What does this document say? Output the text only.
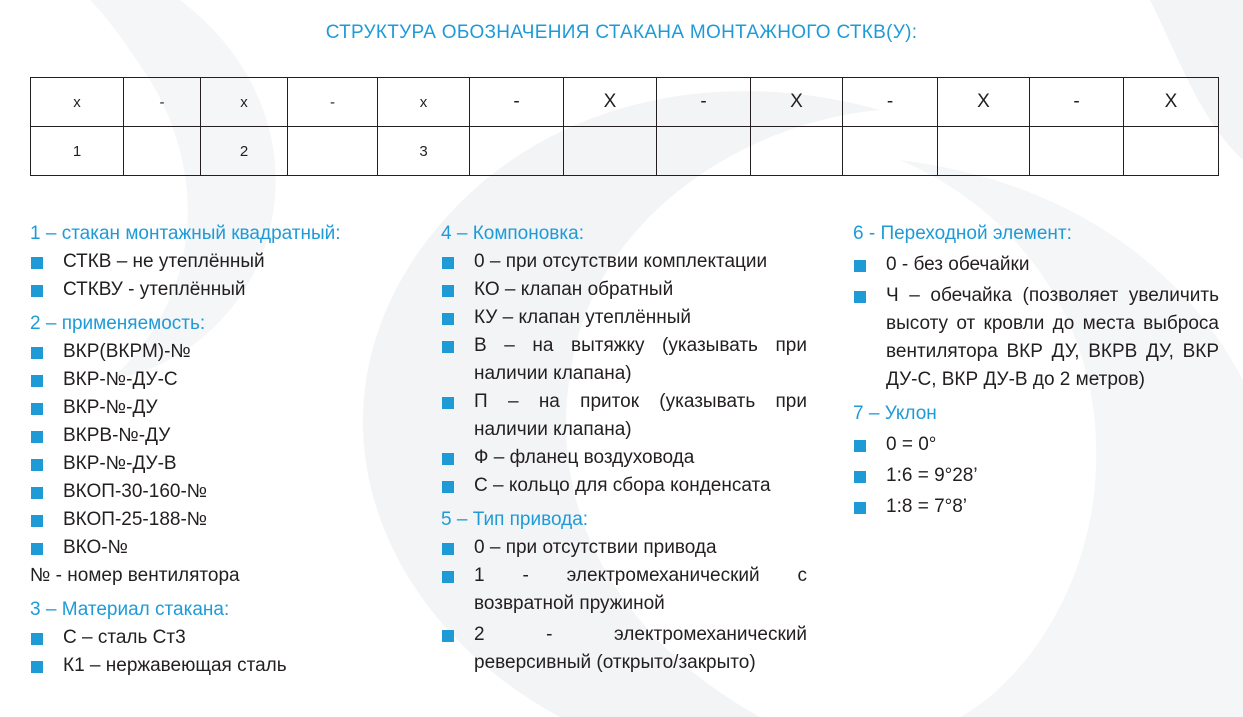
СТРУКТУРА ОБОЗНАЧЕНИЯ СТАКАНА МОНТАЖНОГО СТКВ(У):
x	-	x	-	x	-	X	-	X	-	X	-	X
1		2		3								
1 – стакан монтажный квадратный:
СТКВ – не утеплённый
СТКВУ - утеплённый
2 – применяемость:
ВКР(ВКРМ)-№
ВКР-№-ДУ-С
ВКР-№-ДУ
ВКРВ-№-ДУ
ВКР-№-ДУ-В
ВКОП-30-160-№
ВКОП-25-188-№
ВКО-№
№ - номер вентилятора
3 – Материал стакана:
С – сталь Ст3
К1 – нержавеющая сталь
4 – Компоновка:
0 – при отсутствии комплектации
КО – клапан обратный
КУ – клапан утеплённый
В – на вытяжку (указывать при наличии клапана)
П – на приток (указывать при наличии клапана)
Ф – фланец воздуховода
С – кольцо для сбора конденсата
5 – Тип привода:
0 – при отсутствии привода
1 - электромеханический с возвратной пружиной
2 - электромеханический реверсивный (открыто/закрыто)
6 - Переходной элемент:
0 - без обечайки
Ч – обечайка (позволяет увеличить высоту от кровли до места выброса вентилятора ВКР ДУ, ВКРВ ДУ, ВКР ДУ-С, ВКР ДУ-В до 2 метров)
7 – Уклон
0 = 0°
1:6 = 9°28’
1:8 = 7°8’
